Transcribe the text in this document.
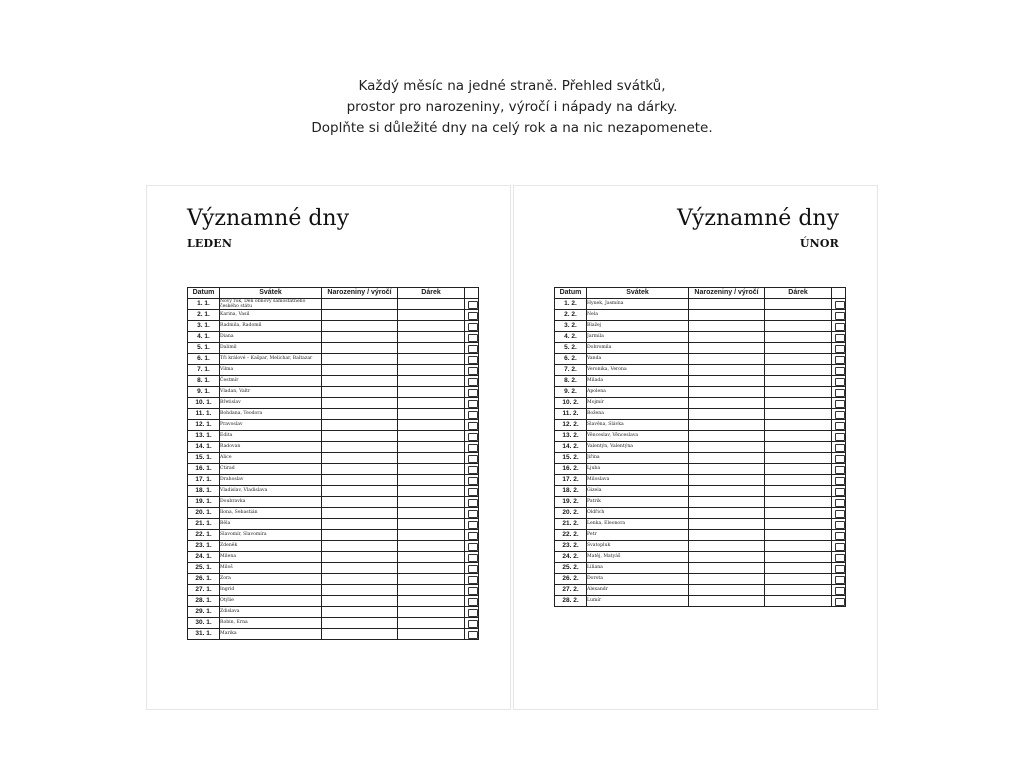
Každý měsíc na jedné straně. Přehled svátků,
prostor pro narozeniny, výročí i nápady na dárky.
Doplňte si důležité dny na celý rok a na nic nezapomenete.
Významné dny
LEDEN
Datum	Svátek	Narozeniny / výročí	Dárek	
1. 1.	Nový rok, Den obnovy samostatného českého státu			
2. 1.	Karina, Vasil			
3. 1.	Radmila, Radomil			
4. 1.	Diana			
5. 1.	Dalimil			
6. 1.	Tři králové – Kašpar, Melichar, Baltazar			
7. 1.	Vilma			
8. 1.	Čestmír			
9. 1.	Vladan, Valtr			
10. 1.	Břetislav			
11. 1.	Bohdana, Teodora			
12. 1.	Pravoslav			
13. 1.	Edita			
14. 1.	Radovan			
15. 1.	Alice			
16. 1.	Ctirad			
17. 1.	Drahoslav			
18. 1.	Vladislav, Vladislava			
19. 1.	Doubravka			
20. 1.	Ilona, Sebastián			
21. 1.	Běla			
22. 1.	Slavomír, Slavomíra			
23. 1.	Zdeněk			
24. 1.	Milena			
25. 1.	Miloš			
26. 1.	Zora			
27. 1.	Ingrid			
28. 1.	Otýlie			
29. 1.	Zdislava			
30. 1.	Robin, Erna			
31. 1.	Marika			
Významné dny
ÚNOR
Datum	Svátek	Narozeniny / výročí	Dárek	
1. 2.	Hynek, Jasmína			
2. 2.	Nela			
3. 2.	Blažej			
4. 2.	Jarmila			
5. 2.	Dobromila			
6. 2.	Vanda			
7. 2.	Veronika, Verona			
8. 2.	Milada			
9. 2.	Apolena			
10. 2.	Mojmír			
11. 2.	Božena			
12. 2.	Slavěna, Slávka			
13. 2.	Věnceslav, Věnceslava			
14. 2.	Valentýn, Valentýna			
15. 2.	Jiřina			
16. 2.	Ljuba			
17. 2.	Miloslava			
18. 2.	Gizela			
19. 2.	Patrik			
20. 2.	Oldřich			
21. 2.	Lenka, Eleonora			
22. 2.	Petr			
23. 2.	Svatopluk			
24. 2.	Matěj, Matyáš			
25. 2.	Liliana			
26. 2.	Dorota			
27. 2.	Alexandr			
28. 2.	Lumír			
